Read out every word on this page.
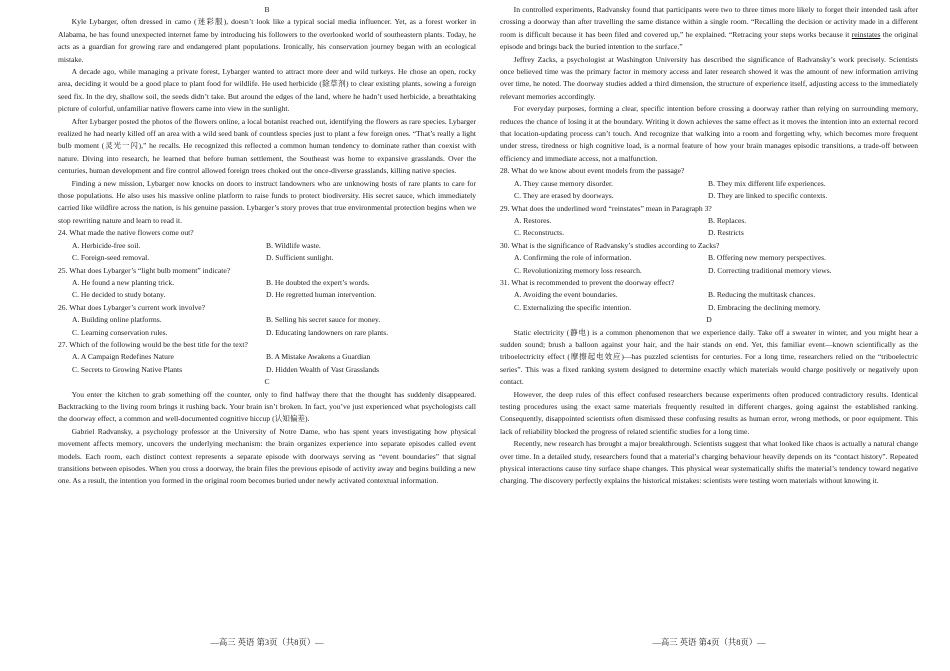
B

Kyle Lybarger, often dressed in camo (迷彩服), doesn’t look like a typical social media influencer. Yet, as a forest worker in Alabama, he has found unexpected internet fame by introducing his followers to the overlooked world of southeastern plants. Today, he acts as a guardian for growing rare and endangered plant populations. Ironically, his conservation journey began with an ecological mistake.

A decade ago, while managing a private forest, Lybarger wanted to attract more deer and wild turkeys. He chose an open, rocky area, deciding it would be a good place to plant food for wildlife. He used herbicide (除草剂) to clear existing plants, sowing a foreign seed fix. In the dry, shallow soil, the seeds didn’t take. But around the edges of the land, where he hadn’t used herbicide, a breathtaking picture of colorful, unfamiliar native flowers came into view in the sunlight.

After Lybarger posted the photos of the flowers online, a local botanist reached out, identifying the flowers as rare species. Lybarger realized he had nearly killed off an area with a wild seed bank of countless species just to plant a few foreign ones. “That’s really a light bulb moment (灵光一闪),” he recalls. He recognized this reflected a common human tendency to dominate rather than coexist with nature. Diving into research, he learned that before human settlement, the Southeast was home to expansive grasslands. Over the centuries, human development and fire control allowed foreign trees choked out the once-diverse grasslands, killing native species.

Finding a new mission, Lybarger now knocks on doors to instruct landowners who are unknowing hosts of rare plants to care for those populations. He also uses his massive online platform to raise funds to protect biodiversity. His secret sauce, which immediately carried like wildfire across the nation, is his genuine passion. Lybarger’s story proves that true environmental protection begins when we stop rewriting nature and learn to read it.

24. What made the native flowers come out?
A. Herbicide-free soil.	B. Wildlife waste.
C. Foreign-seed removal.	D. Sufficient sunlight.
25. What does Lybarger’s “light bulb moment” indicate?
A. He found a new planting trick.	B. He doubted the expert’s words.
C. He decided to study botany.	D. He regretted human intervention.
26. What does Lybarger’s current work involve?
A. Building online platforms.	B. Selling his secret sauce for money.
C. Learning conservation rules.	D. Educating landowners on rare plants.
27. Which of the following would be the best title for the text?
A. A Campaign Redefines Nature	B. A Mistake Awakens a Guardian
C. Secrets to Growing Native Plants	D. Hidden Wealth of Vast Grasslands
C

You enter the kitchen to grab something off the counter, only to find halfway there that the thought has suddenly disappeared. Backtracking to the living room brings it rushing back. Your brain isn’t broken. In fact, you’ve just experienced what psychologists call the doorway effect, a common and well-documented cognitive hiccup (认知偏差).

Gabriel Radvansky, a psychology professor at the University of Notre Dame, who has spent years investigating how physical movement affects memory, uncovers the underlying mechanism: the brain organizes experience into separate episodes called event models. Each room, each distinct context represents a separate episode with doorways serving as “event boundaries” that signal transitions between episodes. When you cross a doorway, the brain files the previous episode of activity away and begins building a new one. As a result, the intention you formed in the original room becomes buried under newly activated contextual information.

—高三 英语 第3页（共8页）—

In controlled experiments, Radvansky found that participants were two to three times more likely to forget their intended task after crossing a doorway than after travelling the same distance within a single room. “Recalling the decision or activity made in a different room is difficult because it has been filed and covered up,” he explained. “Retracing your steps works because it reinstates the original episode and brings back the buried intention to the surface.”

Jeffrey Zacks, a psychologist at Washington University has described the significance of Radvansky’s work precisely. Scientists once believed time was the primary factor in memory access and later research showed it was the amount of new information arriving over time, he noted. The doorway studies added a third dimension, the structure of experience itself, adjusting access to the immediately relevant memories accordingly.

For everyday purposes, forming a clear, specific intention before crossing a doorway rather than relying on surrounding memory, reduces the chance of losing it at the boundary. Writing it down achieves the same effect as it moves the intention into an external record that location-updating process can’t touch. And recognize that walking into a room and forgetting why, which becomes more frequent under stress, tiredness or high cognitive load, is a normal feature of how your brain manages episodic transitions, a trade-off between efficiency and immediate access, not a malfunction.

28. What do we know about event models from the passage?
A. They cause memory disorder.	B. They mix different life experiences.
C. They are erased by doorways.	D. They are linked to specific contexts.
29. What does the underlined word “reinstates” mean in Paragraph 3?
A. Restores.	B. Replaces.
C. Reconstructs.	D. Restricts
30. What is the significance of Radvansky’s studies according to Zacks?
A. Confirming the role of information.	B. Offering new memory perspectives.
C. Revolutionizing memory loss research.	D. Correcting traditional memory views.
31. What is recommended to prevent the doorway effect?
A. Avoiding the event boundaries.	B. Reducing the multitask chances.
C. Externalizing the specific intention.	D. Embracing the declining memory.
D

Static electricity (静电) is a common phenomenon that we experience daily. Take off a sweater in winter, and you might hear a sudden sound; brush a balloon against your hair, and the hair stands on end. Yet, this familiar event—known scientifically as the triboelectricity effect (摩擦起电效应)—has puzzled scientists for centuries. For a long time, researchers relied on the “triboelectric series”. This was a fixed ranking system designed to determine exactly which materials would charge positively or negatively upon contact.

However, the deep rules of this effect confused researchers because experiments often produced contradictory results. Identical testing procedures using the exact same materials frequently resulted in different charges, going against the established ranking. Consequently, disappointed scientists often dismissed these confusing results as human error, wrong methods, or poor equipment. This lack of reliability blocked the progress of related scientific studies for a long time.

Recently, new research has brought a major breakthrough. Scientists suggest that what looked like chaos is actually a natural change over time. In a detailed study, researchers found that a material’s charging behaviour heavily depends on its “contact history”. Repeated physical interactions cause tiny surface shape changes. This physical wear systematically shifts the material’s tendency toward negative charging. The discovery perfectly explains the historical mistakes: scientists were testing worn materials without knowing it.

—高三 英语 第4页（共8页）—
